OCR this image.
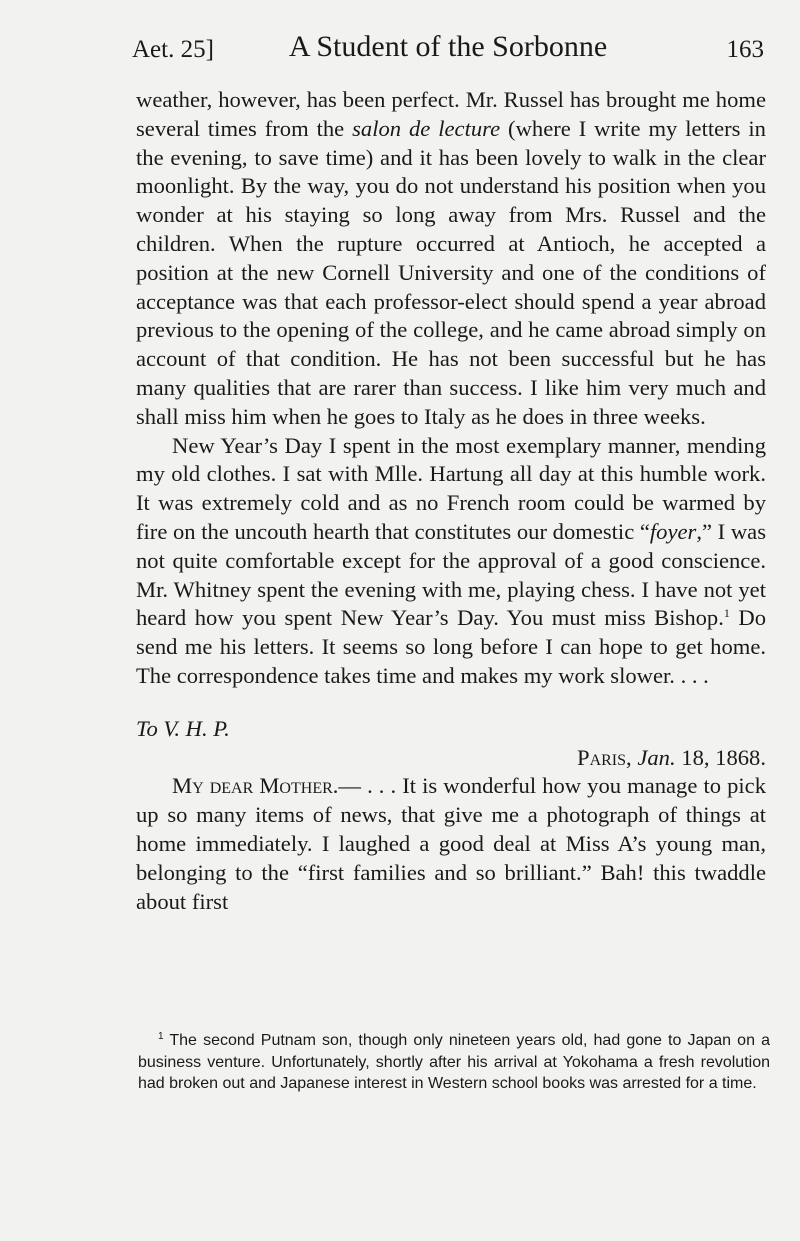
Aet. 25]	A Student of the Sorbonne	163

weather, however, has been perfect. Mr. Russel has brought me home several times from the salon de lecture (where I write my letters in the evening, to save time) and it has been lovely to walk in the clear moonlight. By the way, you do not understand his position when you wonder at his staying so long away from Mrs. Russel and the children. When the rupture occurred at Antioch, he accepted a position at the new Cornell University and one of the conditions of acceptance was that each professor-elect should spend a year abroad previous to the opening of the college, and he came abroad simply on account of that condition. He has not been successful but he has many qualities that are rarer than success. I like him very much and shall miss him when he goes to Italy as he does in three weeks.

New Year’s Day I spent in the most exemplary manner, mending my old clothes. I sat with Mlle. Hartung all day at this humble work. It was extremely cold and as no French room could be warmed by fire on the uncouth hearth that constitutes our domestic “foyer,” I was not quite comfortable except for the approval of a good conscience. Mr. Whitney spent the evening with me, playing chess. I have not yet heard how you spent New Year’s Day. You must miss Bishop.$^1$ Do send me his letters. It seems so long before I can hope to get home. The correspondence takes time and makes my work slower. . . .

To V. H. P.

Paris, Jan. 18, 1868.

My dear Mother.— . . . It is wonderful how you manage to pick up so many items of news, that give me a photograph of things at home immediately. I laughed a good deal at Miss A’s young man, belonging to the “first families and so brilliant.” Bah! this twaddle about first

$^1$ The second Putnam son, though only nineteen years old, had gone to Japan on a business venture. Unfortunately, shortly after his arrival at Yokohama a fresh revolution had broken out and Japanese interest in Western school books was arrested for a time.
